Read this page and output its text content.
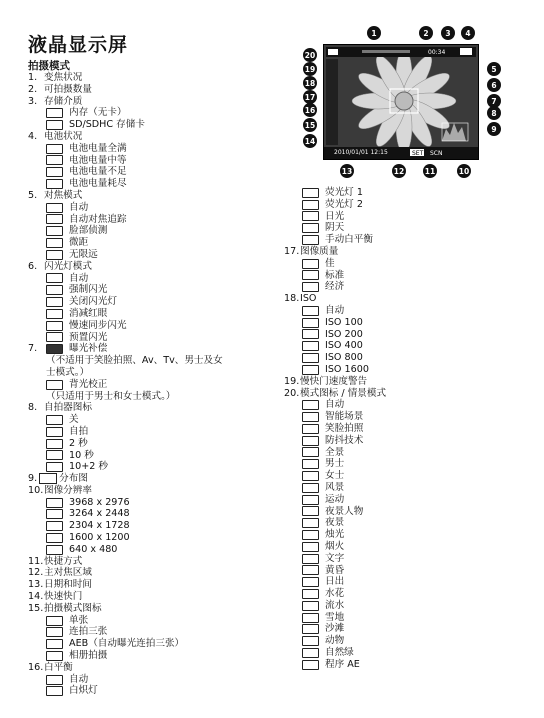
液晶显示屏
拍摄模式
2010/01/01 12:15
00:34
SET SCN
1	2	3	4
5
6
7
8
9
10
11
12
13
14
15
16
17
18
19
20
1. 变焦状况
2. 可拍摄数量
3. 存储介质
内存（无卡）
SD/SDHC 存储卡
4. 电池状况
电池电量全满
电池电量中等
电池电量不足
电池电量耗尽
5. 对焦模式
自动
自动对焦追踪
脸部侦测
微距
无限远
6. 闪光灯模式
自动
强制闪光
关闭闪光灯
消减红眼
慢速同步闪光
预置闪光
7.	曝光补偿
（不适用于笑脸拍照、Av、Tv、男士及女
士模式。）
背光校正
（只适用于男士和女士模式。）
8. 自拍器图标
关
自拍
2 秒
10 秒
10+2 秒
9. 分布图
10. 图像分辨率
3968 x 2976
3264 x 2448
2304 x 1728
1600 x 1200
640 x 480
11. 快捷方式
12. 主对焦区域
13. 日期和时间
14. 快速快门
15. 拍摄模式图标
单张
连拍三张
AEB（自动曝光连拍三张）
相册拍摄
16. 白平衡
自动
白炽灯
荧光灯 1
荧光灯 2
日光
阴天
手动白平衡
17. 图像质量
佳
标准
经济
18. ISO
自动
ISO 100
ISO 200
ISO 400
ISO 800
ISO 1600
19. 慢快门速度警告
20. 模式图标 / 情景模式
自动
智能场景
笑脸拍照
防抖技术
全景
男士
女士
风景
运动
夜景人物
夜景
烛光
烟火
文字
黄昏
日出
水花
流水
雪地
沙滩
动物
自然绿
程序 AE
